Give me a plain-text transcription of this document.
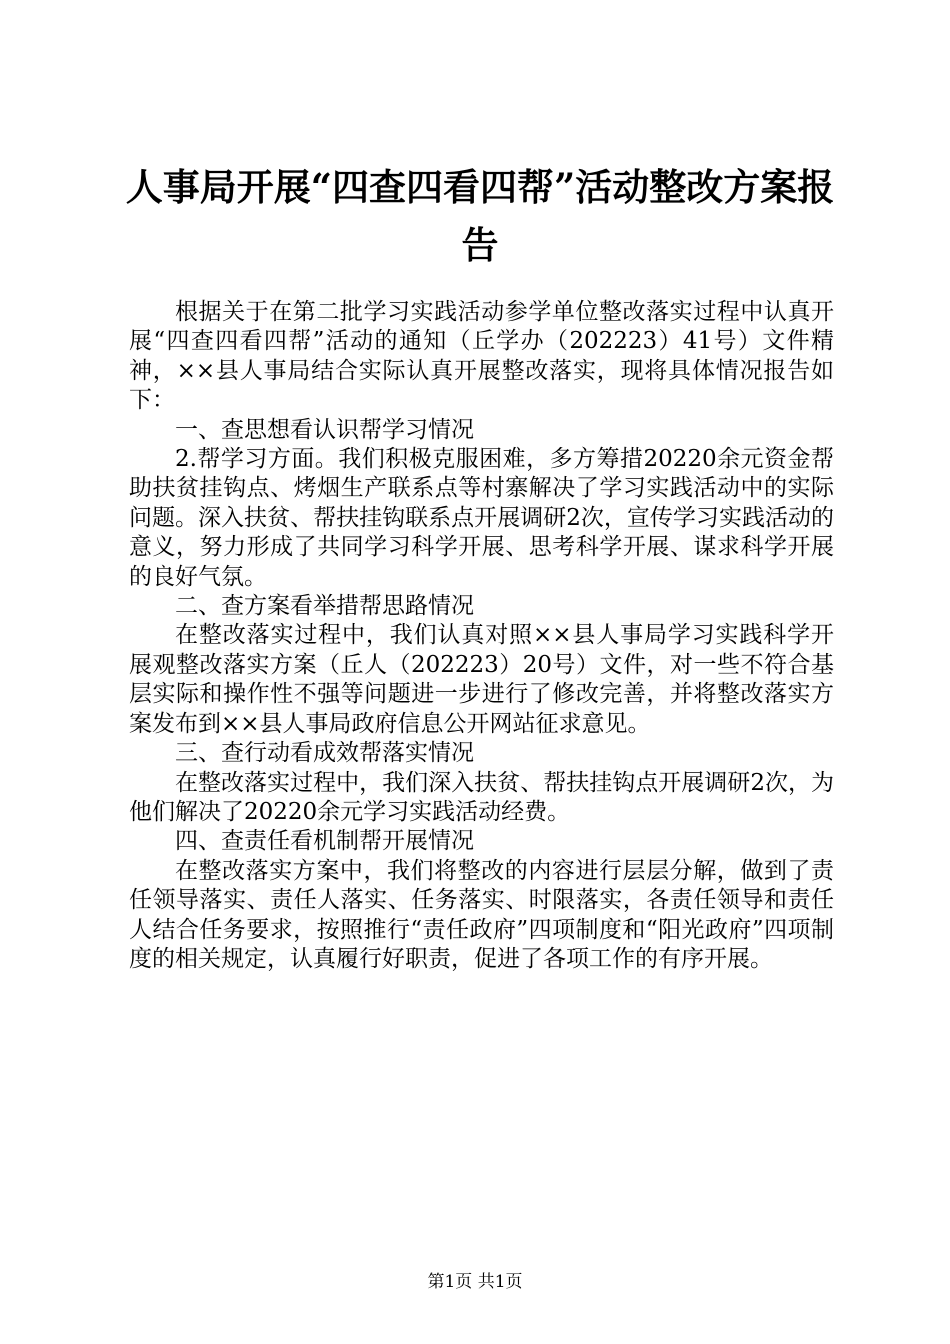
人事局开展“四查四看四帮”活动整改方案报告

根据关于在第二批学习实践活动参学单位整改落实过程中认真开展“四查四看四帮”活动的通知（丘学办（202223）41号）文件精神，××县人事局结合实际认真开展整改落实，现将具体情况报告如下：

一、查思想看认识帮学习情况

2.帮学习方面。我们积极克服困难，多方筹措20220余元资金帮助扶贫挂钩点、烤烟生产联系点等村寨解决了学习实践活动中的实际问题。深入扶贫、帮扶挂钩联系点开展调研2次，宣传学习实践活动的意义，努力形成了共同学习科学开展、思考科学开展、谋求科学开展的良好气氛。

二、查方案看举措帮思路情况

在整改落实过程中，我们认真对照××县人事局学习实践科学开展观整改落实方案（丘人（202223）20号）文件，对一些不符合基层实际和操作性不强等问题进一步进行了修改完善，并将整改落实方案发布到××县人事局政府信息公开网站征求意见。

三、查行动看成效帮落实情况

在整改落实过程中，我们深入扶贫、帮扶挂钩点开展调研2次，为他们解决了20220余元学习实践活动经费。

四、查责任看机制帮开展情况

在整改落实方案中，我们将整改的内容进行层层分解，做到了责任领导落实、责任人落实、任务落实、时限落实，各责任领导和责任人结合任务要求，按照推行“责任政府”四项制度和“阳光政府”四项制度的相关规定，认真履行好职责，促进了各项工作的有序开展。

第1页 共1页
